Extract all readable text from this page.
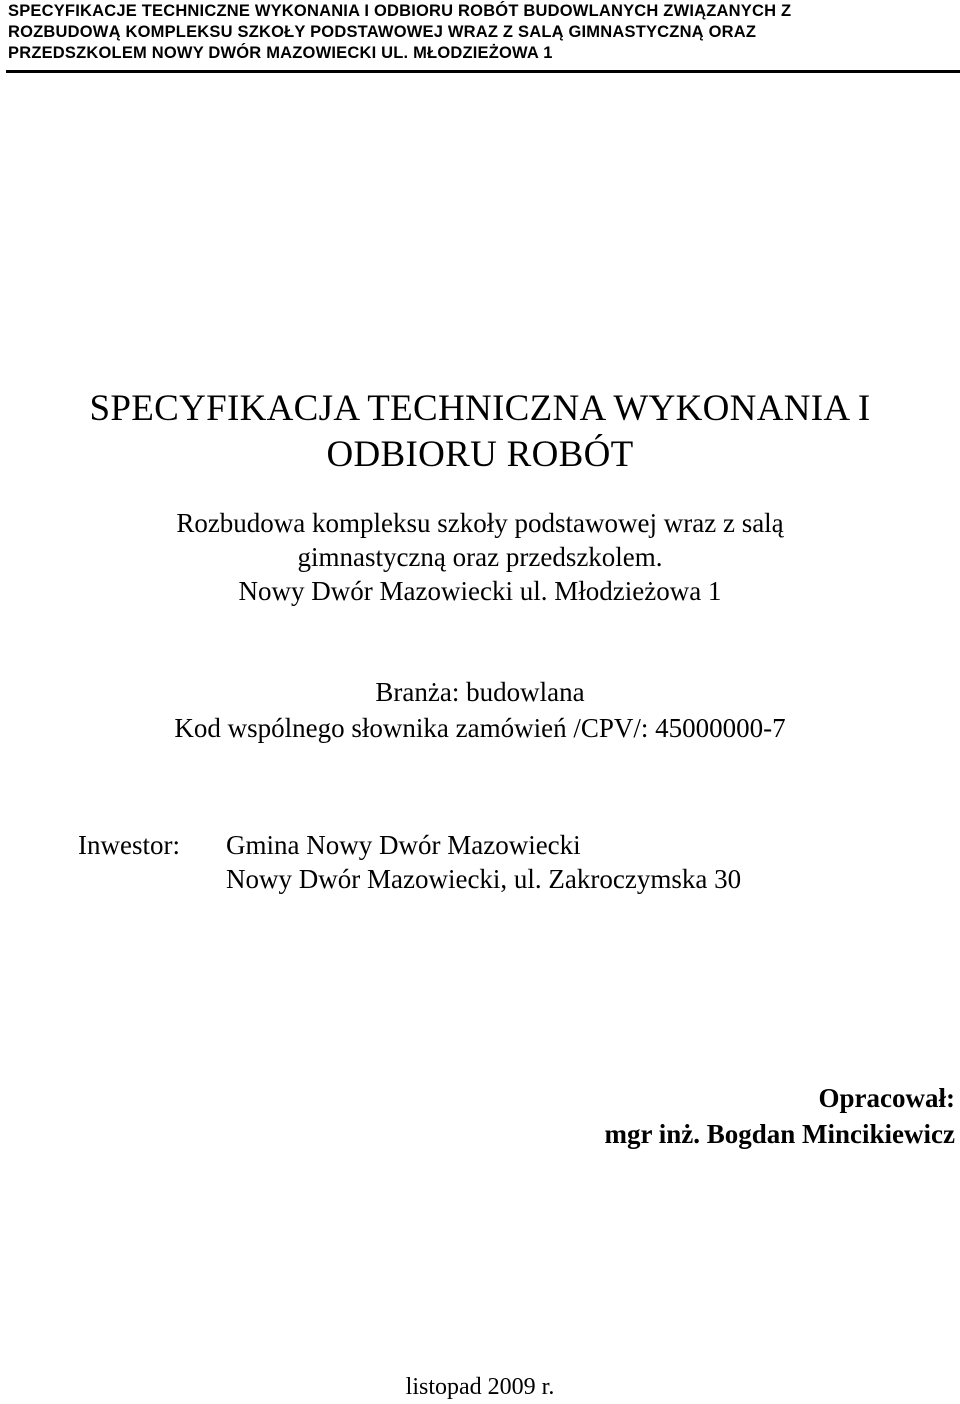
SPECYFIKACJE TECHNICZNE WYKONANIA I ODBIORU ROBÓT BUDOWLANYCH ZWIĄZANYCH Z
ROZBUDOWĄ KOMPLEKSU SZKOŁY PODSTAWOWEJ WRAZ Z SALĄ GIMNASTYCZNĄ ORAZ
PRZEDSZKOLEM NOWY DWÓR MAZOWIECKI UL. MŁODZIEŻOWA 1
SPECYFIKACJA TECHNICZNA WYKONANIA I
ODBIORU ROBÓT
Rozbudowa kompleksu szkoły podstawowej wraz z salą
gimnastyczną oraz przedszkolem.
Nowy Dwór Mazowiecki ul. Młodzieżowa 1
Branża: budowlana
Kod wspólnego słownika zamówień /CPV/: 45000000-7
Inwestor: Gmina Nowy Dwór Mazowiecki
Nowy Dwór Mazowiecki, ul. Zakroczymska 30
Opracował:
mgr inż. Bogdan Mincikiewicz
listopad 2009 r.
